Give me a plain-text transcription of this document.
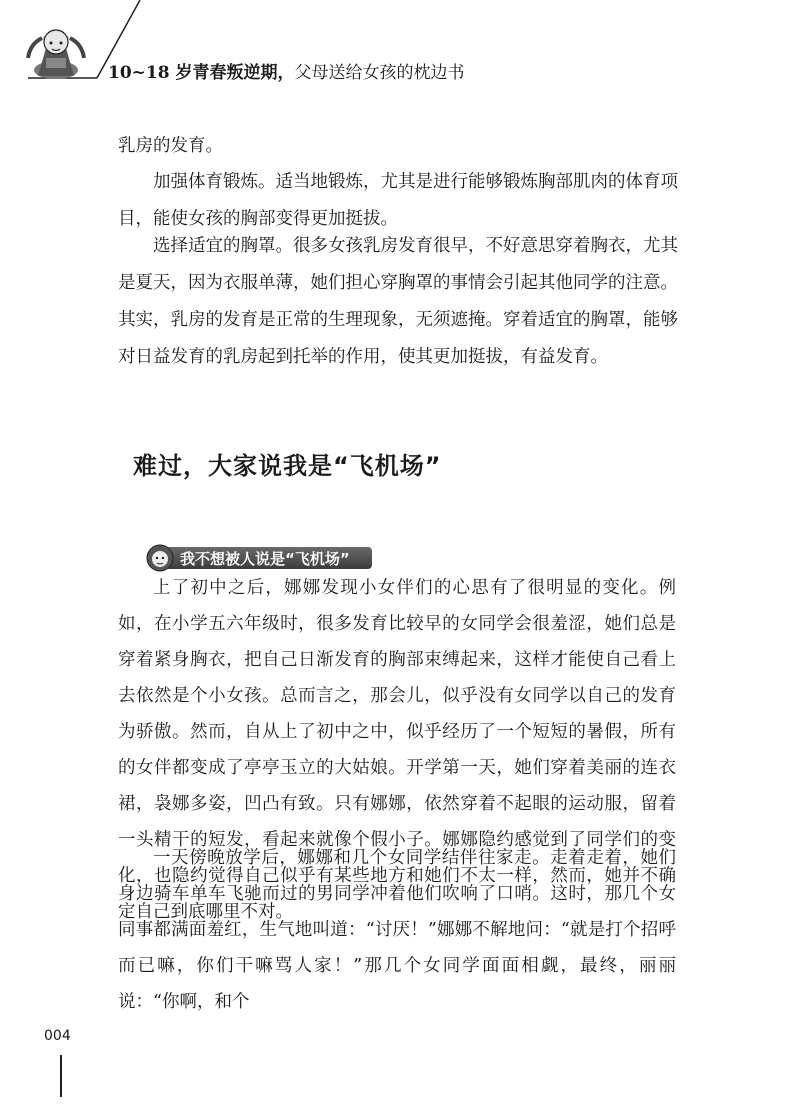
10~18 岁青春叛逆期，父母送给女孩的枕边书

乳房的发育。

加强体育锻炼。适当地锻炼，尤其是进行能够锻炼胸部肌肉的体育项目，能使女孩的胸部变得更加挺拔。

选择适宜的胸罩。很多女孩乳房发育很早，不好意思穿着胸衣，尤其是夏天，因为衣服单薄，她们担心穿胸罩的事情会引起其他同学的注意。其实，乳房的发育是正常的生理现象，无须遮掩。穿着适宜的胸罩，能够对日益发育的乳房起到托举的作用，使其更加挺拔，有益发育。

难过，大家说我是“飞机场”
我不想被人说是“飞机场”

上了初中之后，娜娜发现小女伴们的心思有了很明显的变化。例如，在小学五六年级时，很多发育比较早的女同学会很羞涩，她们总是穿着紧身胸衣，把自己日渐发育的胸部束缚起来，这样才能使自己看上去依然是个小女孩。总而言之，那会儿，似乎没有女同学以自己的发育为骄傲。然而，自从上了初中之中，似乎经历了一个短短的暑假，所有的女伴都变成了亭亭玉立的大姑娘。开学第一天，她们穿着美丽的连衣裙，袅娜多姿，凹凸有致。只有娜娜，依然穿着不起眼的运动服，留着一头精干的短发，看起来就像个假小子。娜娜隐约感觉到了同学们的变化，也隐约觉得自己似乎有某些地方和她们不太一样，然而，她并不确定自己到底哪里不对。

一天傍晚放学后，娜娜和几个女同学结伴往家走。走着走着，她们身边骑车单车飞驰而过的男同学冲着他们吹响了口哨。这时，那几个女同事都满面羞红，生气地叫道：“讨厌！”娜娜不解地问：“就是打个招呼而已嘛，你们干嘛骂人家！”那几个女同学面面相觑，最终，丽丽说：“你啊，和个

004
